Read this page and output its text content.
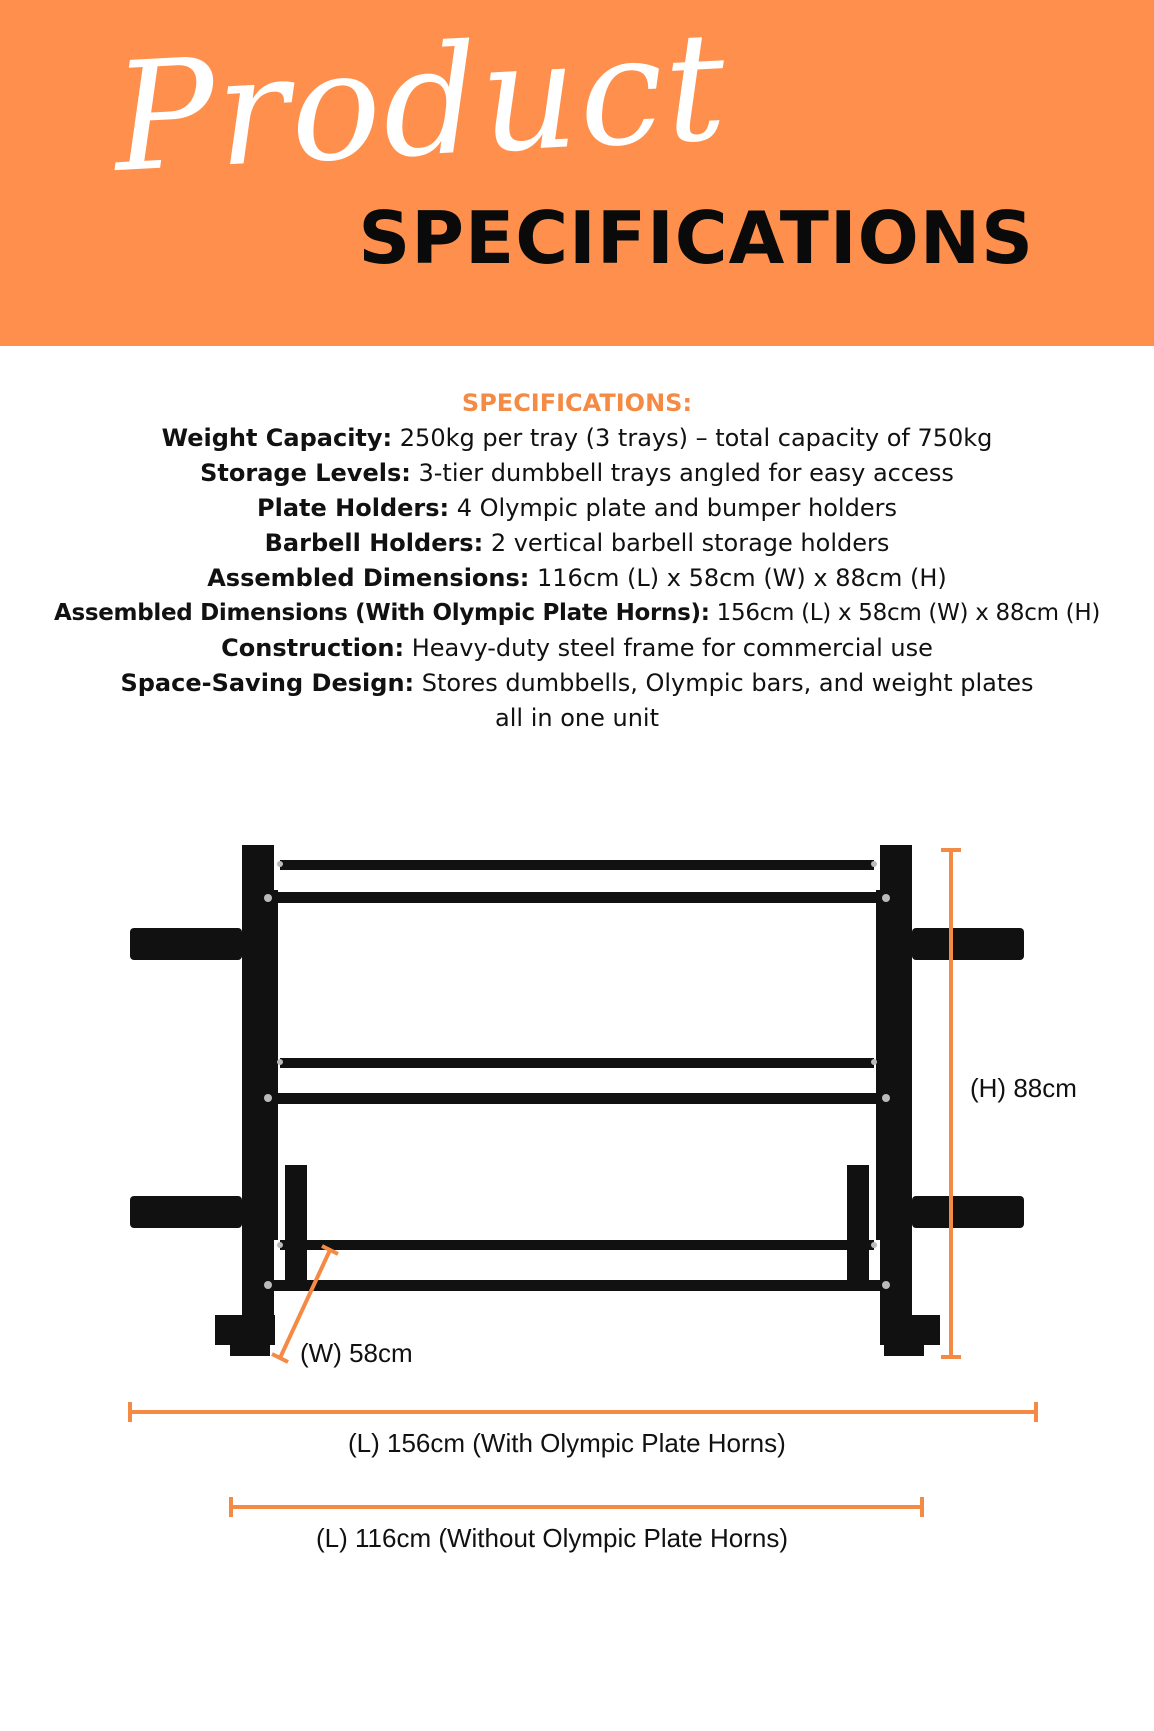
Product
SPECIFICATIONS
SPECIFICATIONS:
Weight Capacity: 250kg per tray (3 trays) – total capacity of 750kg
Storage Levels: 3-tier dumbbell trays angled for easy access
Plate Holders: 4 Olympic plate and bumper holders
Barbell Holders: 2 vertical barbell storage holders
Assembled Dimensions: 116cm (L) x 58cm (W) x 88cm (H)
Assembled Dimensions (With Olympic Plate Horns): 156cm (L) x 58cm (W) x 88cm (H)
Construction: Heavy-duty steel frame for commercial use
Space-Saving Design: Stores dumbbells, Olympic bars, and weight plates
all in one unit
(H) 88cm
(W) 58cm
(L) 156cm (With Olympic Plate Horns)
(L) 116cm (Without Olympic Plate Horns)
